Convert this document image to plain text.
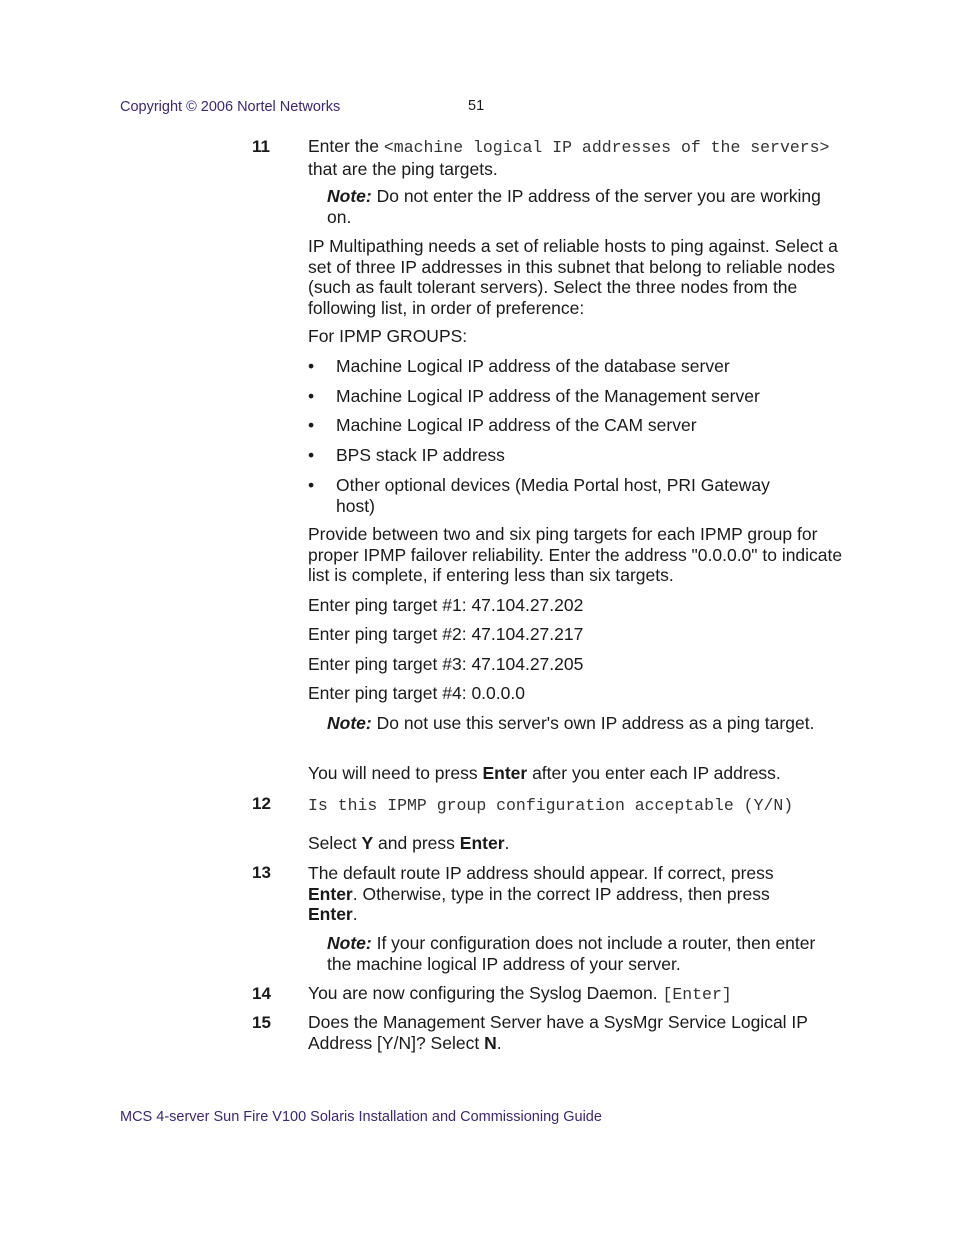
Copyright © 2006 Nortel Networks	51
11 Enter the <machine logical IP addresses of the servers> that are the ping targets.
Note: Do not enter the IP address of the server you are working on.
IP Multipathing needs a set of reliable hosts to ping against. Select a set of three IP addresses in this subnet that belong to reliable nodes (such as fault tolerant servers). Select the three nodes from the following list, in order of preference:
For IPMP GROUPS:
• Machine Logical IP address of the database server
• Machine Logical IP address of the Management server
• Machine Logical IP address of the CAM server
• BPS stack IP address
• Other optional devices (Media Portal host, PRI Gateway host)
Provide between two and six ping targets for each IPMP group for proper IPMP failover reliability. Enter the address "0.0.0.0" to indicate list is complete, if entering less than six targets.
Enter ping target #1: 47.104.27.202
Enter ping target #2: 47.104.27.217
Enter ping target #3: 47.104.27.205
Enter ping target #4: 0.0.0.0
Note: Do not use this server's own IP address as a ping target.
You will need to press Enter after you enter each IP address.
12 Is this IPMP group configuration acceptable (Y/N)
Select Y and press Enter.
13 The default route IP address should appear. If correct, press Enter. Otherwise, type in the correct IP address, then press Enter.
Note: If your configuration does not include a router, then enter the machine logical IP address of your server.
14 You are now configuring the Syslog Daemon. [Enter]
15 Does the Management Server have a SysMgr Service Logical IP Address [Y/N]? Select N.
MCS 4-server Sun Fire V100 Solaris Installation and Commissioning Guide
